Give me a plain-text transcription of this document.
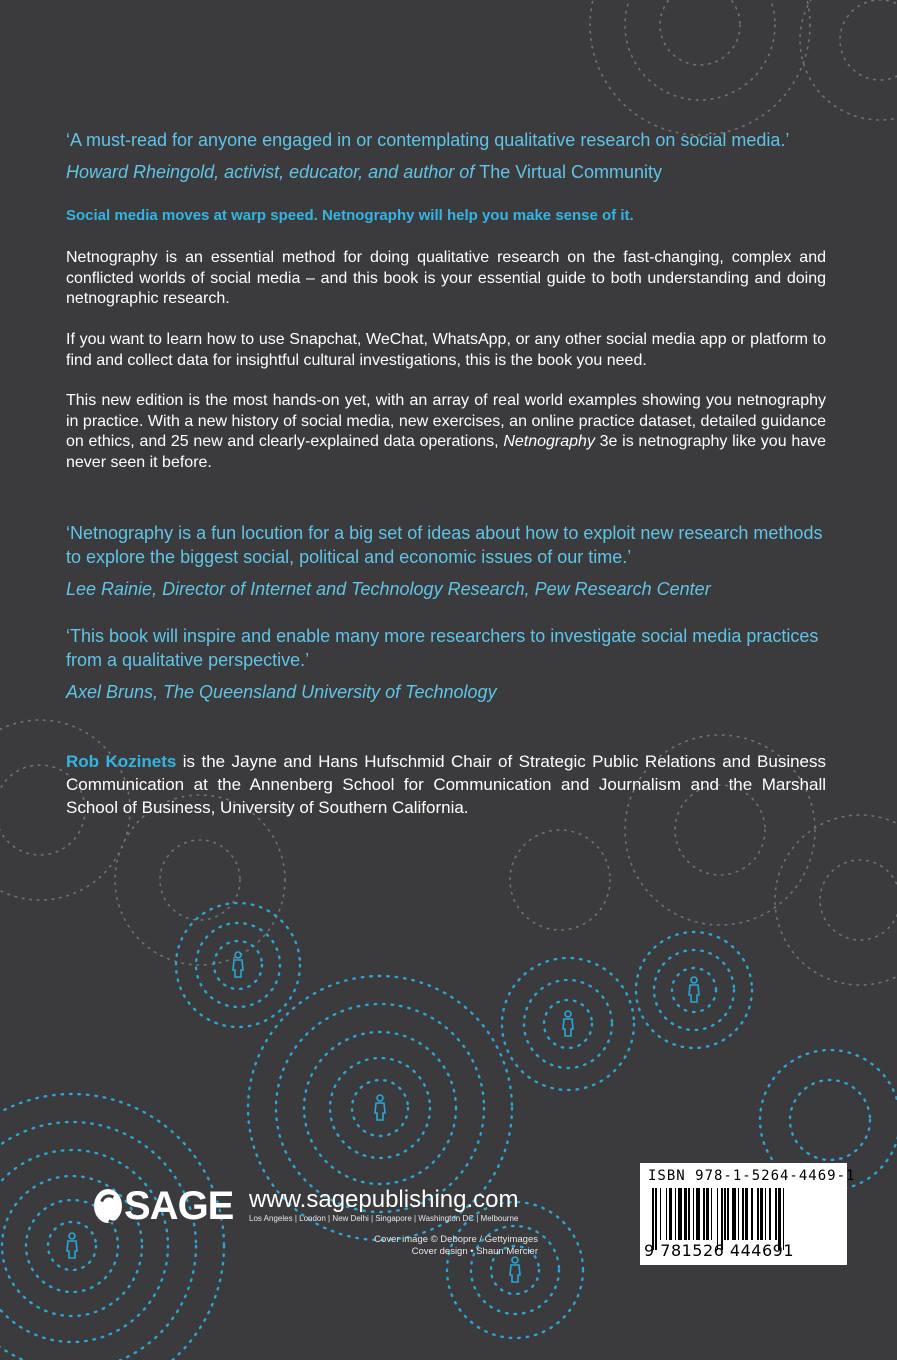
‘A must-read for anyone engaged in or contemplating qualitative research on social media.’
Howard Rheingold, activist, educator, and author of The Virtual Community
Social media moves at warp speed. Netnography will help you make sense of it.
Netnography is an essential method for doing qualitative research on the fast-changing, complex and conflicted worlds of social media – and this book is your essential guide to both understanding and doing netnographic research.
If you want to learn how to use Snapchat, WeChat, WhatsApp, or any other social media app or platform to find and collect data for insightful cultural investigations, this is the book you need.
This new edition is the most hands-on yet, with an array of real world examples showing you netnography in practice. With a new history of social media, new exercises, an online practice dataset, detailed guidance on ethics, and 25 new and clearly-explained data operations, Netnography 3e is netnography like you have never seen it before.
‘Netnography is a fun locution for a big set of ideas about how to exploit new research methods to explore the biggest social, political and economic issues of our time.’
Lee Rainie, Director of Internet and Technology Research, Pew Research Center
‘This book will inspire and enable many more researchers to investigate social media practices from a qualitative perspective.’
Axel Bruns, The Queensland University of Technology
Rob Kozinets is the Jayne and Hans Hufschmid Chair of Strategic Public Relations and Business Communication at the Annenberg School for Communication and Journalism and the Marshall School of Business, University of Southern California.
SAGE www.sagepublishing.com
Los Angeles | London | New Delhi | Singapore | Washington DC | Melbourne
Cover image © Debopre / Gettyimages
Cover design • Shaun Mercier
ISBN 978-1-5264-4469-1
9 781526 444691
